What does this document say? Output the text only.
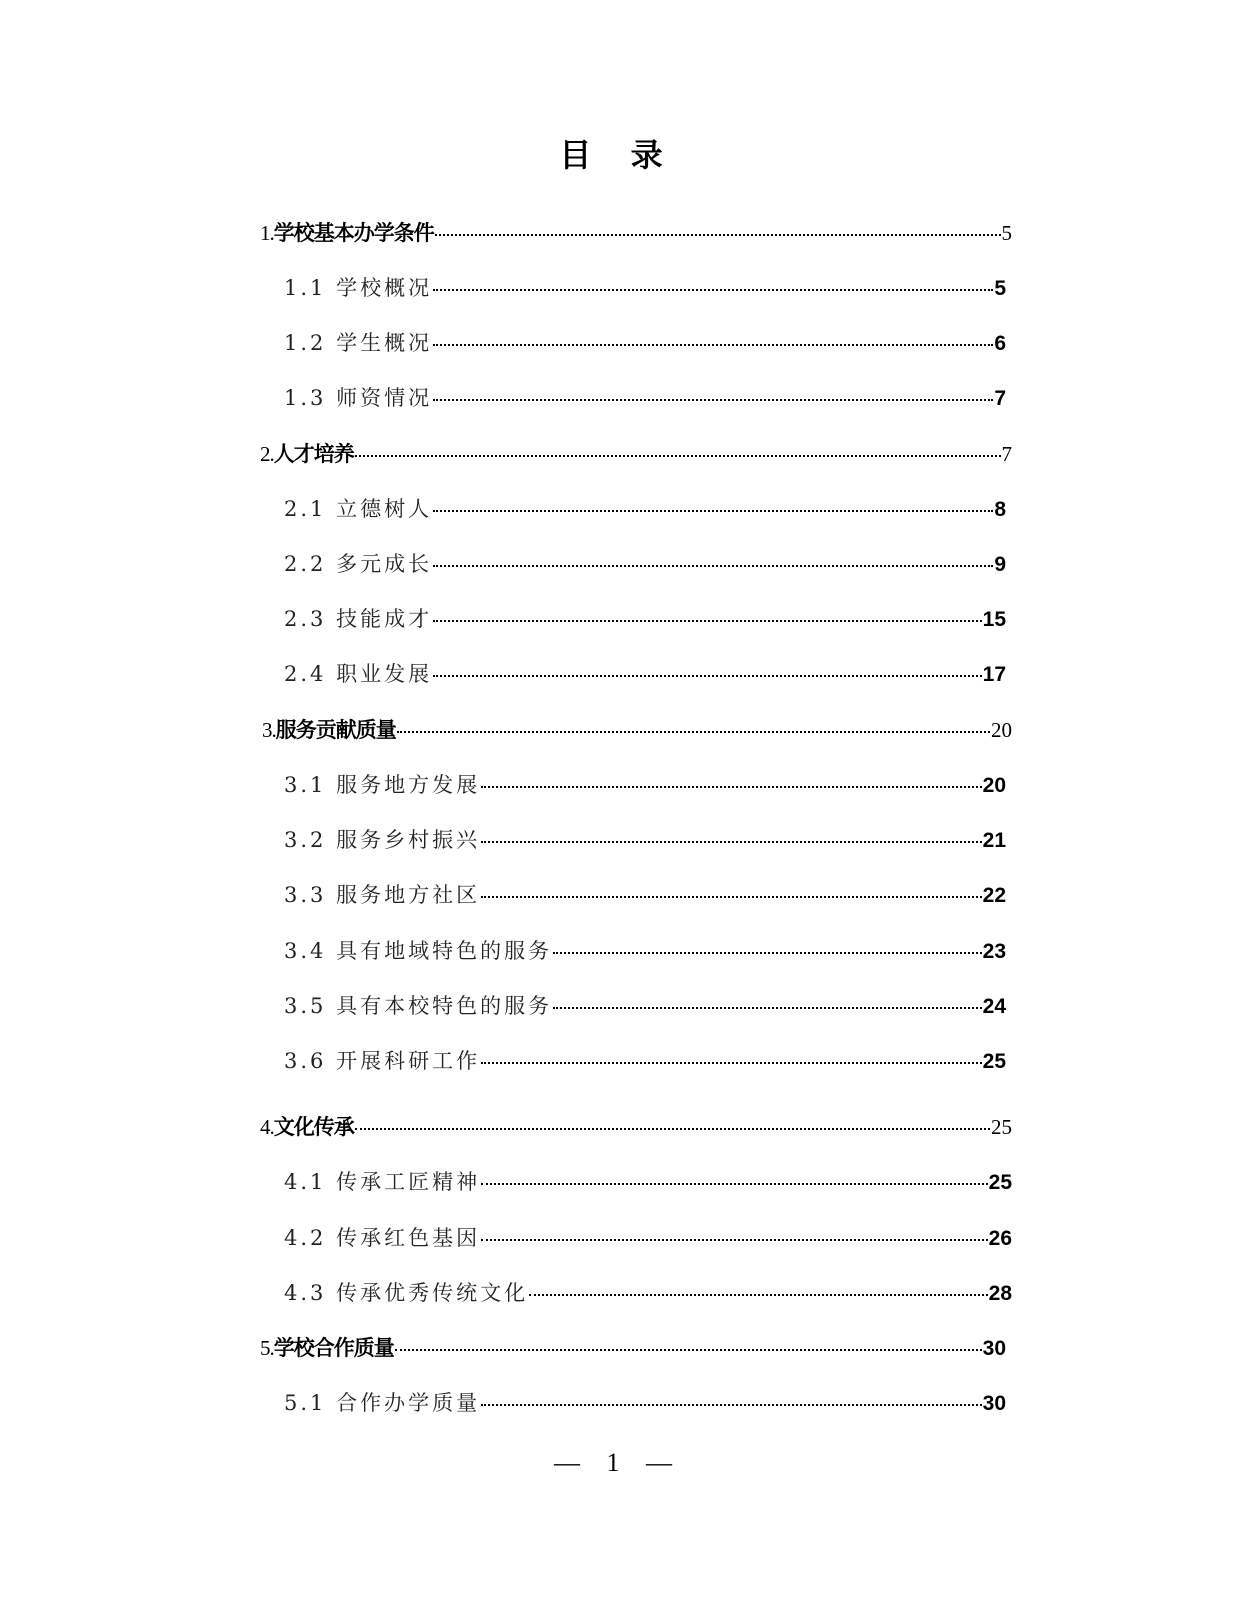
目 录
1.学校基本办学条件	5
1.1 学校概况	5
1.2 学生概况	6
1.3 师资情况	7
2.人才培养	7
2.1 立德树人	8
2.2 多元成长	9
2.3 技能成才	15
2.4 职业发展	17
3.服务贡献质量	20
3.1 服务地方发展	20
3.2 服务乡村振兴	21
3.3 服务地方社区	22
3.4 具有地域特色的服务	23
3.5 具有本校特色的服务	24
3.6 开展科研工作	25
4.文化传承	25
4.1 传承工匠精神	25
4.2 传承红色基因	26
4.3 传承优秀传统文化	28
5.学校合作质量	30
5.1 合作办学质量	30
— 1 —
